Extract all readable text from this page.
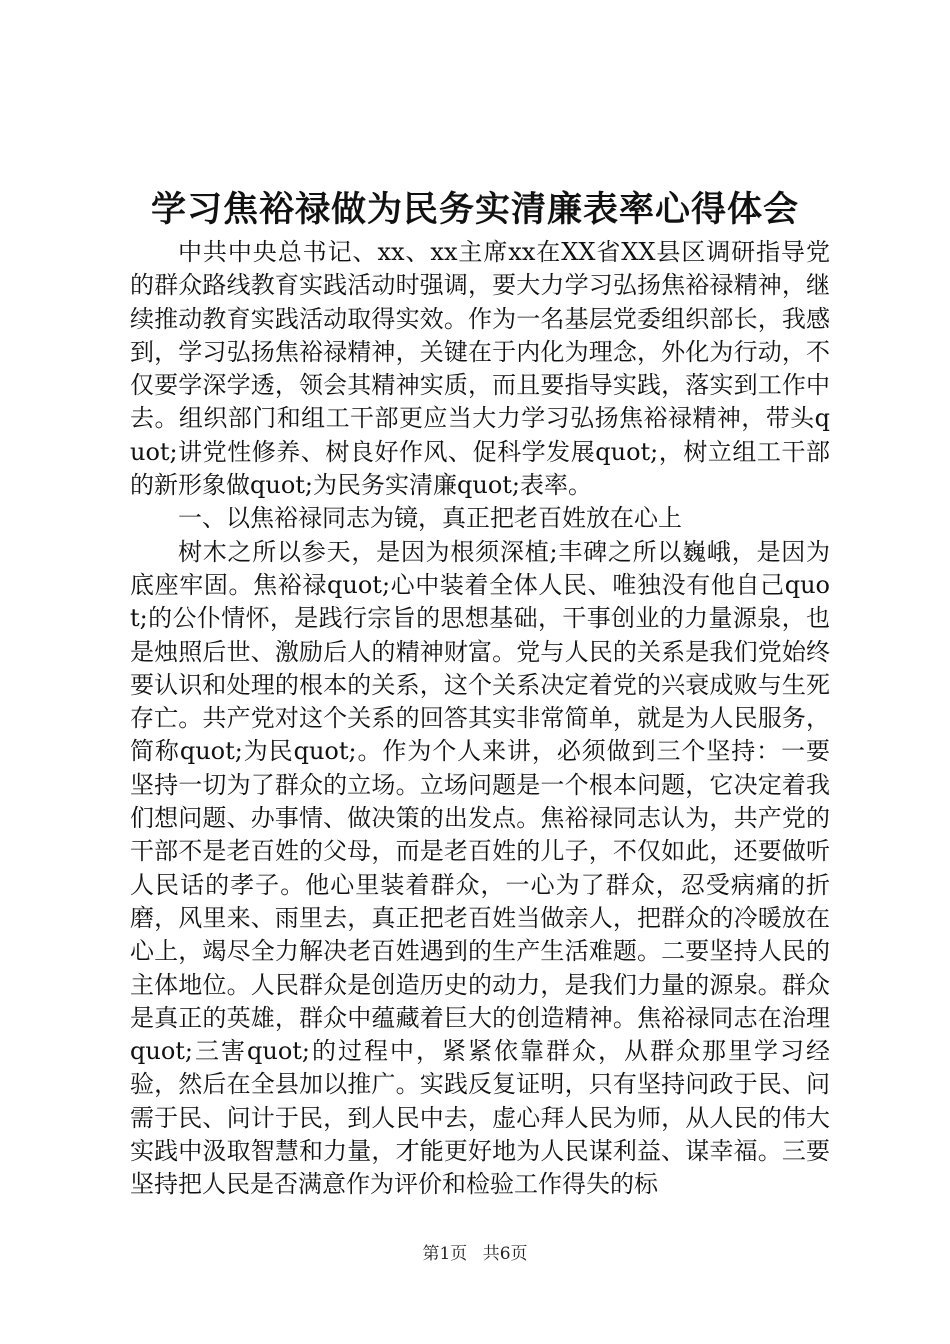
学习焦裕禄做为民务实清廉表率心得体会

中共中央总书记、xx、xx主席xx在XX省XX县区调研指导党的群众路线教育实践活动时强调，要大力学习弘扬焦裕禄精神，继续推动教育实践活动取得实效。作为一名基层党委组织部长，我感到，学习弘扬焦裕禄精神，关键在于内化为理念，外化为行动，不仅要学深学透，领会其精神实质，而且要指导实践，落实到工作中去。组织部门和组工干部更应当大力学习弘扬焦裕禄精神，带头quot;讲党性修养、树良好作风、促科学发展quot;，树立组工干部的新形象做quot;为民务实清廉quot;表率。

一、以焦裕禄同志为镜，真正把老百姓放在心上

树木之所以参天，是因为根须深植;丰碑之所以巍峨，是因为底座牢固。焦裕禄quot;心中装着全体人民、唯独没有他自己quot;的公仆情怀，是践行宗旨的思想基础，干事创业的力量源泉，也是烛照后世、激励后人的精神财富。党与人民的关系是我们党始终要认识和处理的根本的关系，这个关系决定着党的兴衰成败与生死存亡。共产党对这个关系的回答其实非常简单，就是为人民服务，简称quot;为民quot;。作为个人来讲，必须做到三个坚持：一要坚持一切为了群众的立场。立场问题是一个根本问题，它决定着我们想问题、办事情、做决策的出发点。焦裕禄同志认为，共产党的干部不是老百姓的父母，而是老百姓的儿子，不仅如此，还要做听人民话的孝子。他心里装着群众，一心为了群众，忍受病痛的折磨，风里来、雨里去，真正把老百姓当做亲人，把群众的冷暖放在心上，竭尽全力解决老百姓遇到的生产生活难题。二要坚持人民的主体地位。人民群众是创造历史的动力，是我们力量的源泉。群众是真正的英雄，群众中蕴藏着巨大的创造精神。焦裕禄同志在治理quot;三害quot;的过程中，紧紧依靠群众，从群众那里学习经验，然后在全县加以推广。实践反复证明，只有坚持问政于民、问需于民、问计于民，到人民中去，虚心拜人民为师，从人民的伟大实践中汲取智慧和力量，才能更好地为人民谋利益、谋幸福。三要坚持把人民是否满意作为评价和检验工作得失的标

第1页 共6页
